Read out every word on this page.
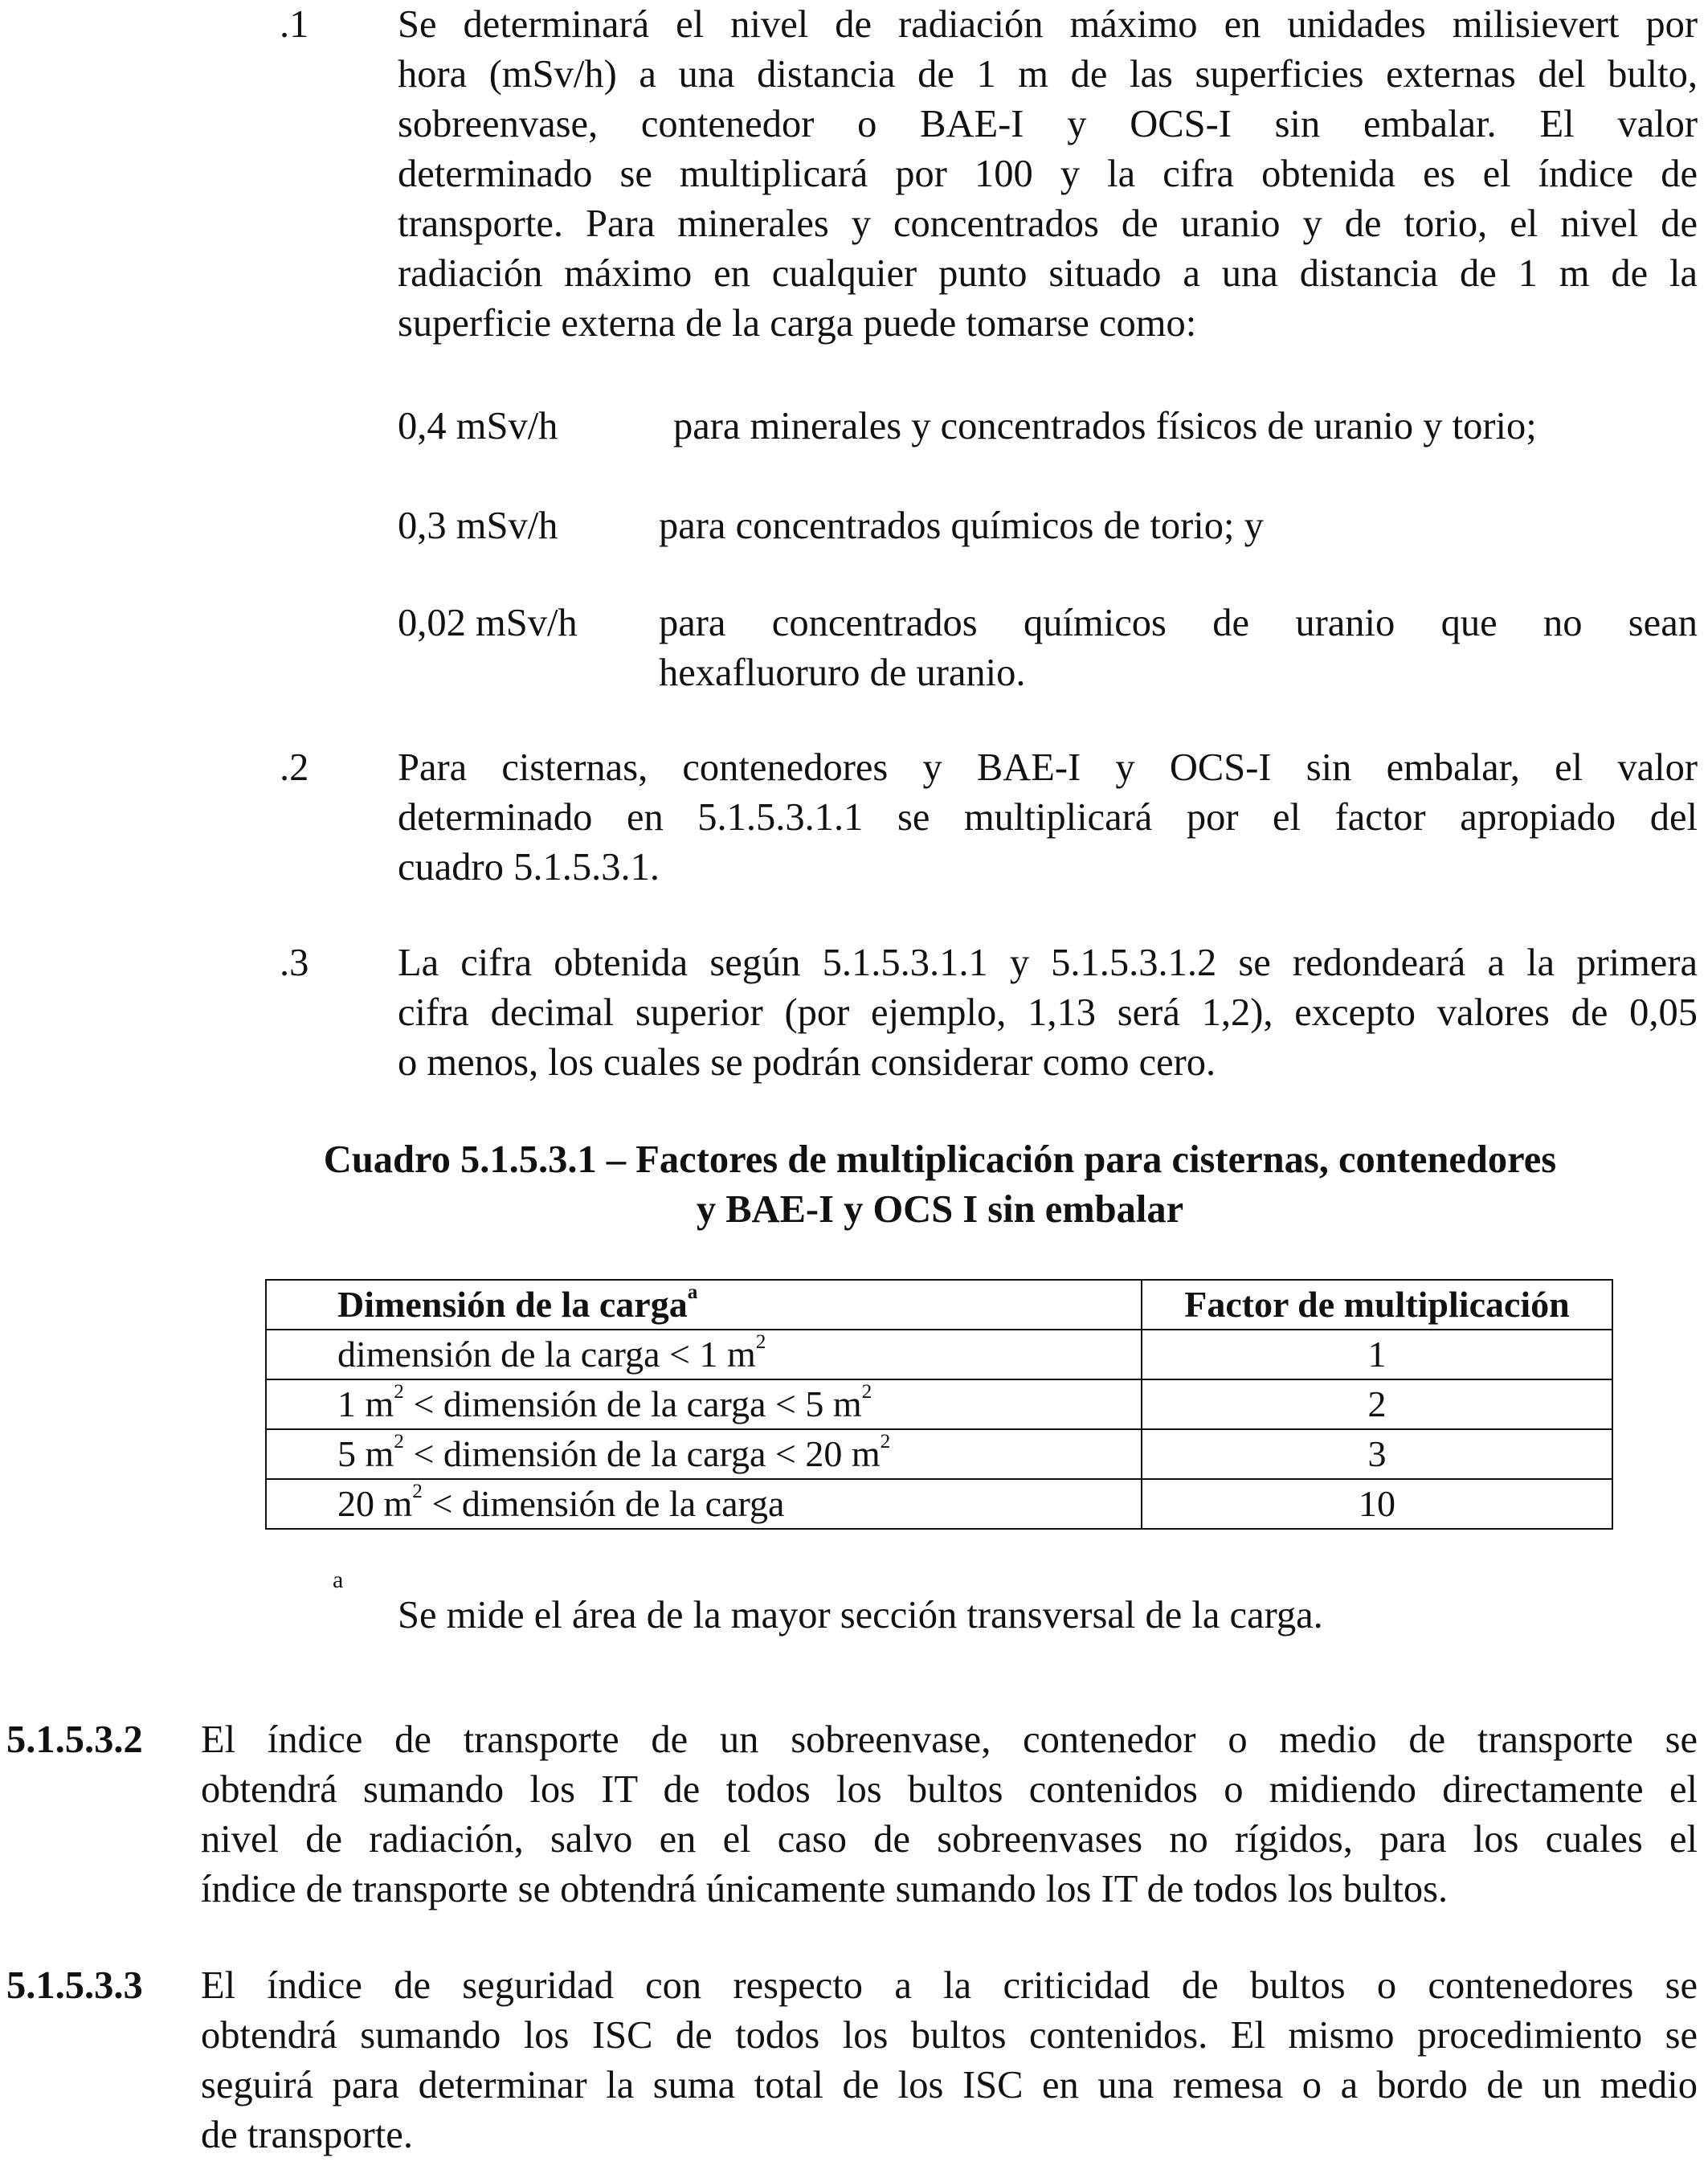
.1 Se determinará el nivel de radiación máximo en unidades milisievert por
hora (mSv/h) a una distancia de 1 m de las superficies externas del bulto,
sobreenvase, contenedor o BAE-I y OCS-I sin embalar. El valor
determinado se multiplicará por 100 y la cifra obtenida es el índice de
transporte. Para minerales y concentrados de uranio y de torio, el nivel de
radiación máximo en cualquier punto situado a una distancia de 1 m de la
superficie externa de la carga puede tomarse como:
0,4 mSv/h	para minerales y concentrados físicos de uranio y torio;
0,3 mSv/h	para concentrados químicos de torio; y
0,02 mSv/h para concentrados químicos de uranio que no sean
hexafluoruro de uranio.
.2 Para cisternas, contenedores y BAE-I y OCS-I sin embalar, el valor
determinado en 5.1.5.3.1.1 se multiplicará por el factor apropiado del
cuadro 5.1.5.3.1.
.3 La cifra obtenida según 5.1.5.3.1.1 y 5.1.5.3.1.2 se redondeará a la primera
cifra decimal superior (por ejemplo, 1,13 será 1,2), excepto valores de 0,05
o menos, los cuales se podrán considerar como cero.
Cuadro 5.1.5.3.1 – Factores de multiplicación para cisternas, contenedores
y BAE-I y OCS I sin embalar
Dimensión de la carga$^a$	Factor de multiplicación
dimensión de la carga < 1 $m^2$	1
1 $m^2$ < dimensión de la carga < 5 $m^2$	2
5 $m^2$ < dimensión de la carga < 20 $m^2$	3
20 $m^2$ < dimensión de la carga	10
a
Se mide el área de la mayor sección transversal de la carga.
5.1.5.3.2 El índice de transporte de un sobreenvase, contenedor o medio de transporte se
obtendrá sumando los IT de todos los bultos contenidos o midiendo directamente el
nivel de radiación, salvo en el caso de sobreenvases no rígidos, para los cuales el
índice de transporte se obtendrá únicamente sumando los IT de todos los bultos.
5.1.5.3.3 El índice de seguridad con respecto a la criticidad de bultos o contenedores se
obtendrá sumando los ISC de todos los bultos contenidos. El mismo procedimiento se
seguirá para determinar la suma total de los ISC en una remesa o a bordo de un medio
de transporte.
